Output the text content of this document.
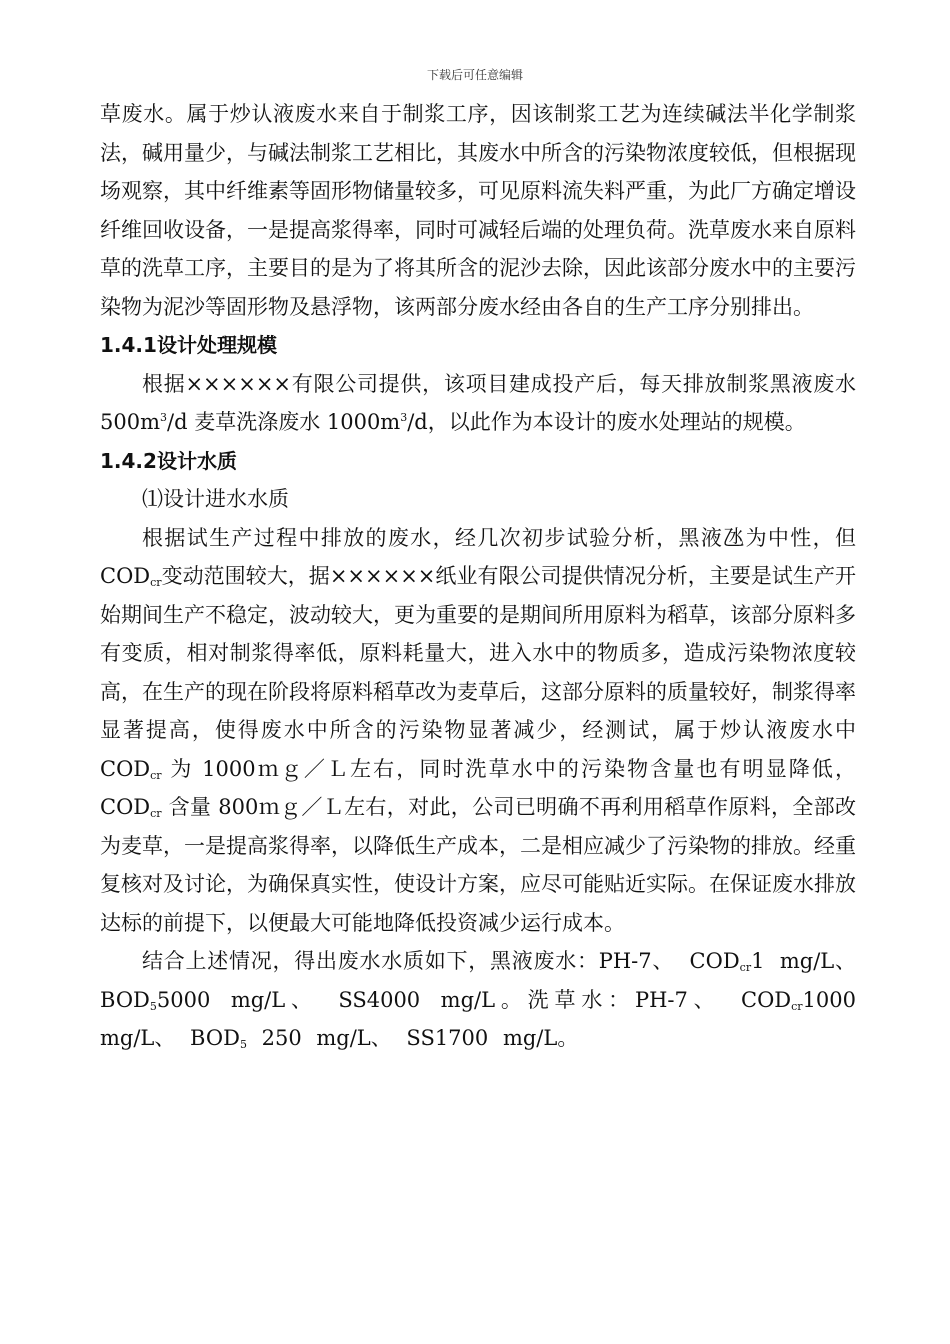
下载后可任意编辑

草废水。属于炒认液废水来自于制浆工序，因该制浆工艺为连续碱法半化学制浆法，碱用量少，与碱法制浆工艺相比，其废水中所含的污染物浓度较低，但根据现场观察，其中纤维素等固形物储量较多，可见原料流失料严重，为此厂方确定增设纤维回收设备，一是提高浆得率，同时可减轻后端的处理负荷。洗草废水来自原料草的洗草工序，主要目的是为了将其所含的泥沙去除，因此该部分废水中的主要污染物为泥沙等固形物及悬浮物，该两部分废水经由各自的生产工序分别排出。

1.4.1设计处理规模

根据××××××有限公司提供，该项目建成投产后，每天排放制浆黑液废水 $500m^3/d$ 麦草洗涤废水 $1000m^3/d$，以此作为本设计的废水处理站的规模。

1.4.2设计水质

⑴设计进水水质

根据试生产过程中排放的废水，经几次初步试验分析，黑液氹为中性，但 $COD_{cr}$变动范围较大，据××××××纸业有限公司提供情况分析，主要是试生产开始期间生产不稳定，波动较大，更为重要的是期间所用原料为稻草，该部分原料多有变质，相对制浆得率低，原料耗量大，进入水中的物质多，造成污染物浓度较高，在生产的现在阶段将原料稻草改为麦草后，这部分原料的质量较好，制浆得率显著提高，使得废水中所含的污染物显著减少，经测试，属于炒认液废水中 $COD_{cr}$ 为 1000ｍｇ／Ｌ左右，同时洗草水中的污染物含量也有明显降低，$COD_{cr}$ 含量 800ｍｇ／Ｌ左右，对此，公司已明确不再利用稻草作原料，全部改为麦草，一是提高浆得率，以降低生产成本，二是相应减少了污染物的排放。经重复核对及讨论，为确保真实性，使设计方案，应尽可能贴近实际。在保证废水排放达标的前提下，以便最大可能地降低投资减少运行成本。

结合上述情况，得出废水水质如下，黑液废水：PH-7、 $COD_{cr}1$ mg/L、 $BOD_55000$ mg/L、 SS4000 mg/L。洗草水：PH-7、 $COD_{cr}1000$ mg/L、 $BOD_5$ 250 mg/L、 SS1700 mg/L。
